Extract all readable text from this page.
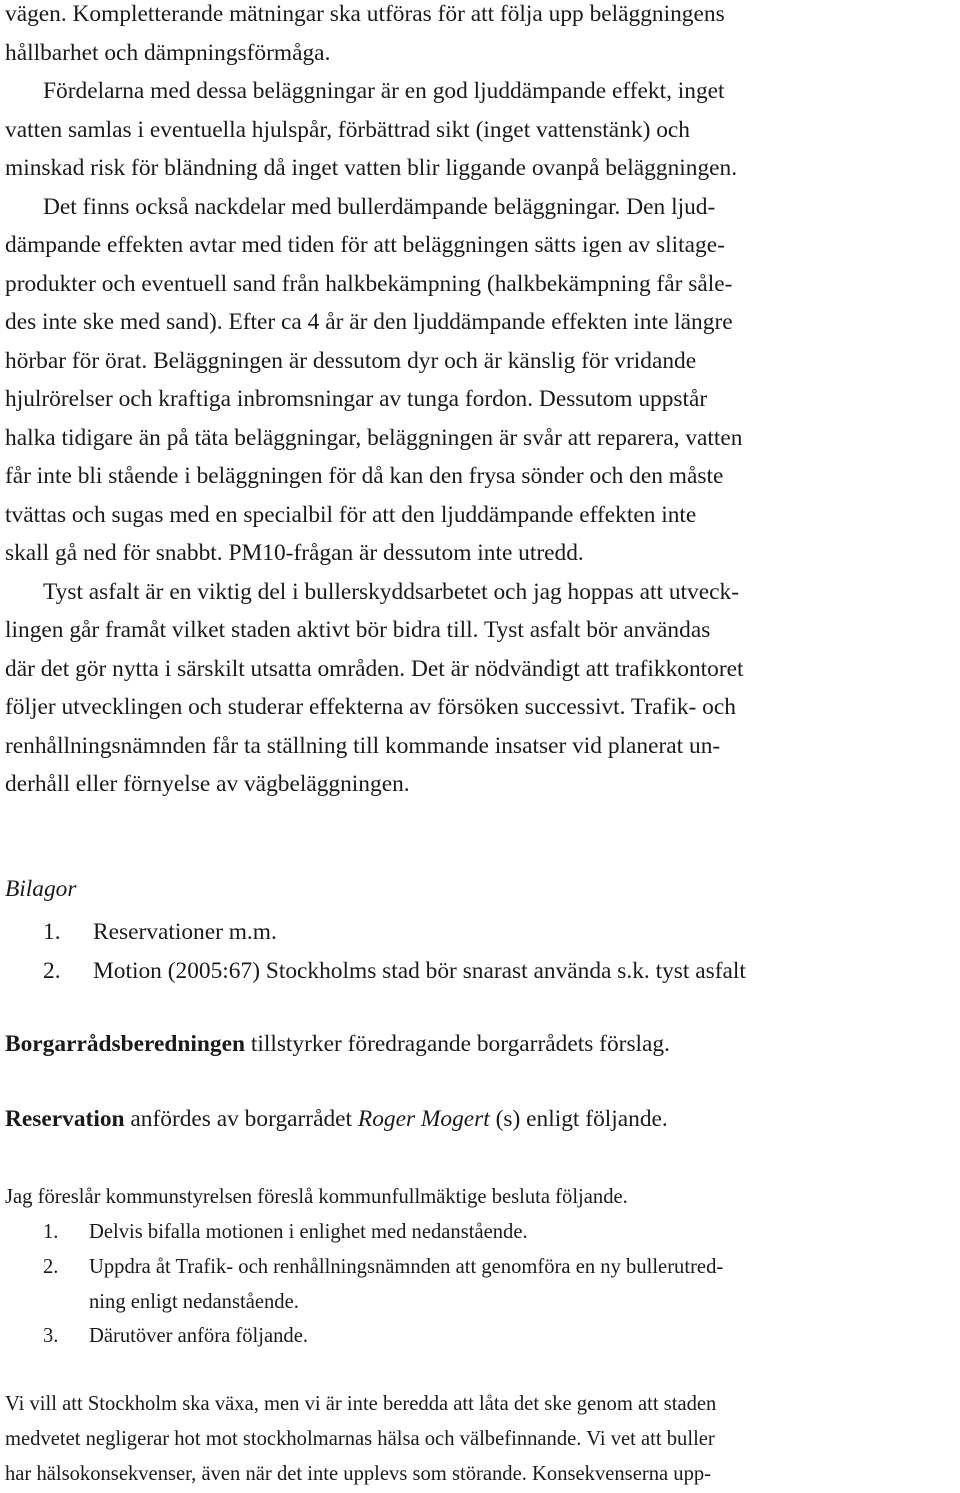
vägen. Kompletterande mätningar ska utföras för att följa upp beläggningens
hållbarhet och dämpningsförmåga.
Fördelarna med dessa beläggningar är en god ljuddämpande effekt, inget
vatten samlas i eventuella hjulspår, förbättrad sikt (inget vattenstänk) och
minskad risk för bländning då inget vatten blir liggande ovanpå beläggningen.
Det finns också nackdelar med bullerdämpande beläggningar. Den ljud-
dämpande effekten avtar med tiden för att beläggningen sätts igen av slitage-
produkter och eventuell sand från halkbekämpning (halkbekämpning får såle-
des inte ske med sand). Efter ca 4 år är den ljuddämpande effekten inte längre
hörbar för örat. Beläggningen är dessutom dyr och är känslig för vridande
hjulrörelser och kraftiga inbromsningar av tunga fordon. Dessutom uppstår
halka tidigare än på täta beläggningar, beläggningen är svår att reparera, vatten
får inte bli stående i beläggningen för då kan den frysa sönder och den måste
tvättas och sugas med en specialbil för att den ljuddämpande effekten inte
skall gå ned för snabbt. PM10-frågan är dessutom inte utredd.
Tyst asfalt är en viktig del i bullerskyddsarbetet och jag hoppas att utveck-
lingen går framåt vilket staden aktivt bör bidra till. Tyst asfalt bör användas
där det gör nytta i särskilt utsatta områden. Det är nödvändigt att trafikkontoret
följer utvecklingen och studerar effekterna av försöken successivt. Trafik- och
renhållningsnämnden får ta ställning till kommande insatser vid planerat un-
derhåll eller förnyelse av vägbeläggningen.

Bilagor

1. Reservationer m.m.
2. Motion (2005:67) Stockholms stad bör snarast använda s.k. tyst asfalt

Borgarrådsberedningen tillstyrker föredragande borgarrådets förslag.

Reservation anfördes av borgarrådet Roger Mogert (s) enligt följande.

Jag föreslår kommunstyrelsen föreslå kommunfullmäktige besluta följande.

1. Delvis bifalla motionen i enlighet med nedanstående.
2. Uppdra åt Trafik- och renhållningsnämnden att genomföra en ny bullerutred-
ning enligt nedanstående.
3. Därutöver anföra följande.
Vi vill att Stockholm ska växa, men vi är inte beredda att låta det ske genom att staden
medvetet negligerar hot mot stockholmarnas hälsa och välbefinnande. Vi vet att buller
har hälsokonsekvenser, även när det inte upplevs som störande. Konsekvenserna upp-
